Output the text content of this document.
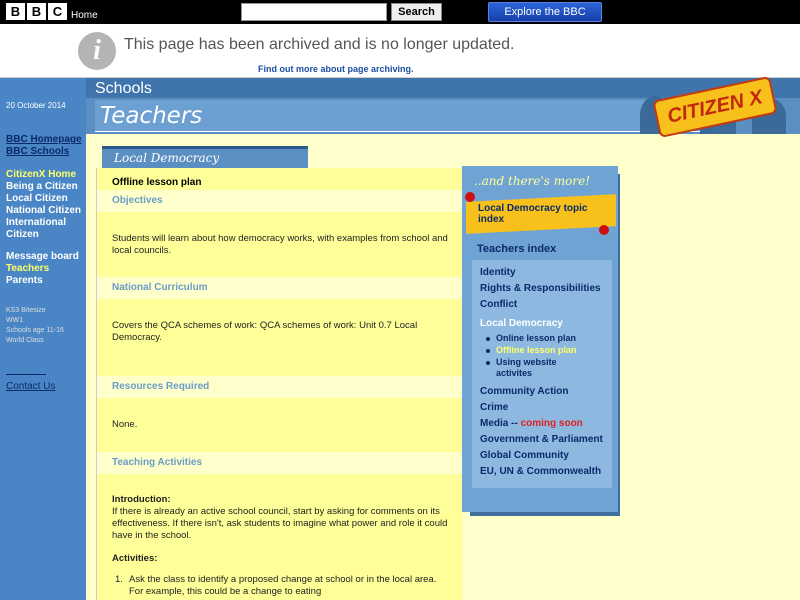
B B C Home	Search	Explore the BBC
i	This page has been archived and is no longer updated.
Find out more about page archiving.
Schools
Teachers	CITIZEN X
20 October 2014
BBC Homepage
BBC Schools
CitizenX Home
Being a Citizen
Local Citizen
National Citizen
International
Citizen
Message board
Teachers
Parents
KS3 Bitesize
WW1
Schools age 11-16
World Class
Contact Us
Local Democracy
Offline lesson plan
Objectives
Students will learn about how democracy works, with examples from school and local councils.
National Curriculum
Covers the QCA schemes of work: QCA schemes of work: Unit 0.7 Local Democracy.
Resources Required
None.
Teaching Activities
Introduction:
If there is already an active school council, start by asking for comments on its effectiveness. If there isn't, ask students to imagine what power and role it could have in the school.
Activities:
1. Ask the class to identify a proposed change at school or in the local area. For example, this could be a change to eating
..and there's more!
Local Democracy topic index
Teachers index
Identity
Rights & Responsibilities
Conflict
Local Democracy
Online lesson plan
Offline lesson plan
Using website activites
Community Action
Crime
Media -- coming soon
Government & Parliament
Global Community
EU, UN & Commonwealth
